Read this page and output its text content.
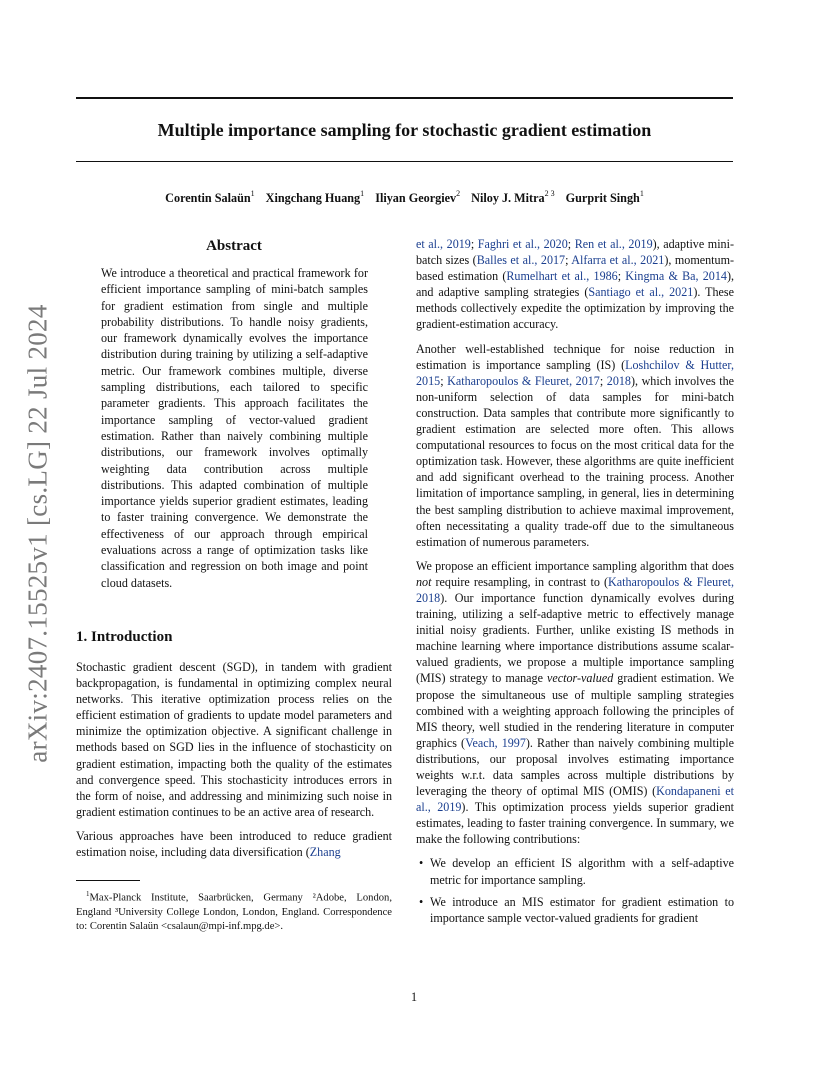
arXiv:2407.15525v1 [cs.LG] 22 Jul 2024
Multiple importance sampling for stochastic gradient estimation
Corentin Salaün$^1$ Xingchang Huang$^1$ Iliyan Georgiev$^2$ Niloy J. Mitra$^{2 3}$ Gurprit Singh$^1$
Abstract

We introduce a theoretical and practical framework for efficient importance sampling of mini-batch samples for gradient estimation from single and multiple probability distributions. To handle noisy gradients, our framework dynamically evolves the importance distribution during training by utilizing a self-adaptive metric. Our framework combines multiple, diverse sampling distributions, each tailored to specific parameter gradients. This approach facilitates the importance sampling of vector-valued gradient estimation. Rather than naively combining multiple distributions, our framework involves optimally weighting data contribution across multiple distributions. This adapted combination of multiple importance yields superior gradient estimates, leading to faster training convergence. We demonstrate the effectiveness of our approach through empirical evaluations across a range of optimization tasks like classification and regression on both image and point cloud datasets.

1. Introduction

Stochastic gradient descent (SGD), in tandem with gradient backpropagation, is fundamental in optimizing complex neural networks. This iterative optimization process relies on the efficient estimation of gradients to update model parameters and minimize the optimization objective. A significant challenge in methods based on SGD lies in the influence of stochasticity on gradient estimation, impacting both the quality of the estimates and convergence speed. This stochasticity introduces errors in the form of noise, and addressing and minimizing such noise in gradient estimation continues to be an active area of research.

Various approaches have been introduced to reduce gradient estimation noise, including data diversification (Zhang

$^1$Max-Planck Institute, Saarbrücken, Germany ²Adobe, London, England ³University College London, London, England. Correspondence to: Corentin Salaün <csalaun@mpi-inf.mpg.de>.

et al., 2019; Faghri et al., 2020; Ren et al., 2019), adaptive mini-batch sizes (Balles et al., 2017; Alfarra et al., 2021), momentum-based estimation (Rumelhart et al., 1986; Kingma & Ba, 2014), and adaptive sampling strategies (Santiago et al., 2021). These methods collectively expedite the optimization by improving the gradient-estimation accuracy.

Another well-established technique for noise reduction in estimation is importance sampling (IS) (Loshchilov & Hutter, 2015; Katharopoulos & Fleuret, 2017; 2018), which involves the non-uniform selection of data samples for mini-batch construction. Data samples that contribute more significantly to gradient estimation are selected more often. This allows computational resources to focus on the most critical data for the optimization task. However, these algorithms are quite inefficient and add significant overhead to the training process. Another limitation of importance sampling, in general, lies in determining the best sampling distribution to achieve maximal improvement, often necessitating a quality trade-off due to the simultaneous estimation of numerous parameters.

We propose an efficient importance sampling algorithm that does not require resampling, in contrast to (Katharopoulos & Fleuret, 2018). Our importance function dynamically evolves during training, utilizing a self-adaptive metric to effectively manage initial noisy gradients. Further, unlike existing IS methods in machine learning where importance distributions assume scalar-valued gradients, we propose a multiple importance sampling (MIS) strategy to manage vector-valued gradient estimation. We propose the simultaneous use of multiple sampling strategies combined with a weighting approach following the principles of MIS theory, well studied in the rendering literature in computer graphics (Veach, 1997). Rather than naively combining multiple distributions, our proposal involves estimating importance weights w.r.t. data samples across multiple distributions by leveraging the theory of optimal MIS (OMIS) (Kondapaneni et al., 2019). This optimization process yields superior gradient estimates, leading to faster training convergence. In summary, we make the following contributions:

• We develop an efficient IS algorithm with a self-adaptive metric for importance sampling.
• We introduce an MIS estimator for gradient estimation to importance sample vector-valued gradients for gradient
1
